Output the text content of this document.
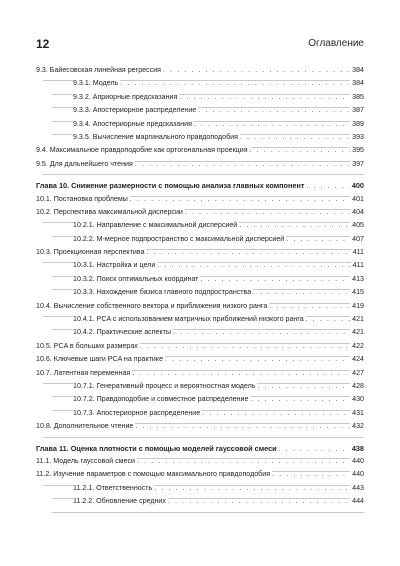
12	Оглавление
9.3. Байесовская линейная регрессия . . .	384
9.3.1. Модель . . .	384
9.3.2. Априорные предсказания . . .	385
9.3.3. Апостериорное распределение . . .	387
9.3.4. Апостериорные предсказания . . .	389
9.3.5. Вычисление маргинального правдоподобия . . .	393
9.4. Максимальное правдоподобие как ортогональная проекция . . .	395
9.5. Для дальнейшего чтения . . .	397
Глава 10. Снижение размерности с помощью анализа главных компонент . . .	400
10.1. Постановка проблемы . . .	401
10.2. Перспектива максимальной дисперсии . . .	404
10.2.1. Направление с максимальной дисперсией . . .	405
10.2.2. M-мерное подпространство с максимальной дисперсией . . .	407
10.3. Проекционная перспектива . . .	411
10.3.1. Настройка и цели . . .	411
10.3.2. Поиск оптимальных координат . . .	413
10.3.3. Нахождение базиса главного подпространства . . .	415
10.4. Вычисление собственного вектора и приближения низкого ранга . . .	419
10.4.1. PCA с использованием матричных приближений низкого ранга . . .	421
10.4.2. Практические аспекты . . .	421
10.5. PCA в больших размерах . . .	422
10.6. Ключевые шаги PCA на практике . . .	424
10.7. Латентная переменная . . .	427
10.7.1. Генеративный процесс и вероятностная модель . . .	428
10.7.2. Правдоподобие и совместное распределение . . .	430
10.7.3. Апостериорное распределение . . .	431
10.8. Дополнительное чтение . . .	432
Глава 11. Оценка плотности с помощью моделей гауссовой смеси . . .	438
11.1. Модель гауссовой смеси . . .	440
11.2. Изучение параметров с помощью максимального правдоподобия . . .	440
11.2.1. Ответственность . . .	443
11.2.2. Обновление средних . . .	444
